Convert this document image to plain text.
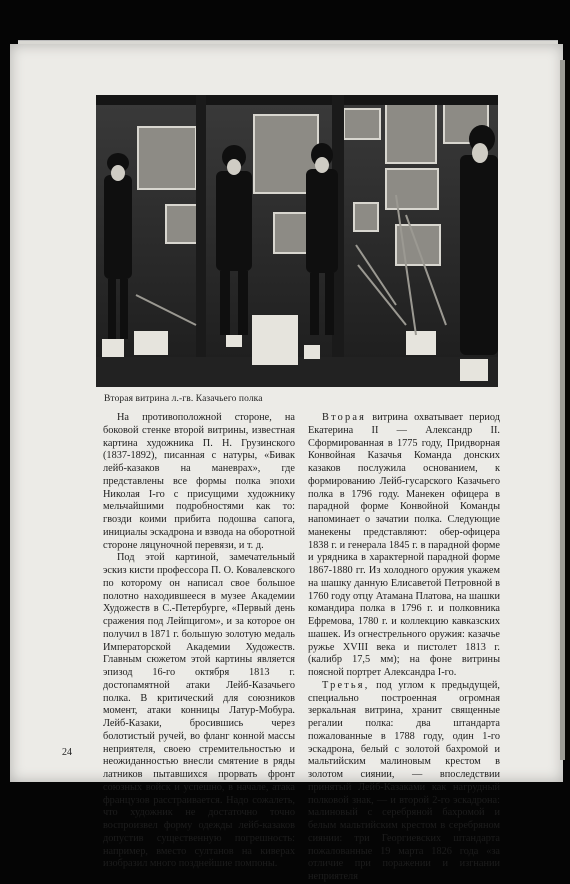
Вторая витрина л.-гв. Казачьего полка

На противоположной стороне, на боковой стенке второй витрины, известная картина художника П. Н. Грузинского (1837-1892), писанная с натуры, «Бивак лейб-казаков на маневрах», где представлены все формы полка эпохи Николая I-го с присущими художнику мельчайшими подробностями как то: гвозди коими прибита подошва сапога, инициалы эскадрона и взвода на оборотной стороне ляцуночной перевязи, и т. д.

Под этой картиной, замечательный эскиз кисти профессора П. О. Ковалевского по которому он написал свое большое полотно находившееся в музее Академии Художеств в С.-Петербурге, «Первый день сражения под Лейпцигом», и за которое он получил в 1871 г. большую золотую медаль Императорской Академии Художеств. Главным сюжетом этой картины является эпизод 16-го октября 1813 г. достопамятной атаки Лейб-Казачьего полка. В критический для союзников момент, атаки конницы Латур-Мобура. Лейб-Казаки, бросившись через болотистый ручей, во фланг конной массы неприятеля, своею стремительностью и неожиданностью внесли смятение в ряды латников пытавшихся прорвать фронт союзных войск и успешно, в начале, атака французов расстраивается. Надо сожалеть, что художник не достаточно точно воспроизвел форму одежды лейб-казаков допустив существенную погрешность: например, вместо султанов на киверах изобразил много позднейшие помпоны.

Вторая витрина охватывает период Екатерина II — Александр II. Сформированная в 1775 году, Придворная Конвойная Казачья Команда донских казаков послужила основанием, к формированию Лейб-гусарского Казачьего полка в 1796 году. Манекен офицера в парадной форме Конвойной Команды напоминает о зачатии полка. Следующие манекены представляют: обер-офицера 1838 г. и генерала 1845 г. в парадной форме и урядника в характерной парадной форме 1867-1880 гг. Из холодного оружия укажем на шашку данную Елисаветой Петровной в 1760 году отцу Атамана Платова, на шашки командира полка в 1796 г. и полковника Ефремова, 1780 г. и коллекцию кавказских шашек. Из огнестрельного оружия: казачье ружье XVIII века и пистолет 1813 г. (калибр 17,5 мм); на фоне витрины поясной портрет Александра I-го.

Третья, под углом к предыдущей, специально построенная огромная зеркальная витрина, хранит священные регалии полка: два штандарта пожалованные в 1788 году, один 1-го эскадрона, белый с золотой бахромой и мальтийским малиновым крестом в золотом сиянии, — впоследствии принятый Лейб-Казаками как нагрудный полковой знак, — и второй 2-го эскадрона: малиновый с серебряной бахромой и белым мальтийским крестом в серебряном сиянии: три Георгиевских штандарта пожалованные 19 марта 1826 года «за отличие при поражении и изгнании неприятеля

24
